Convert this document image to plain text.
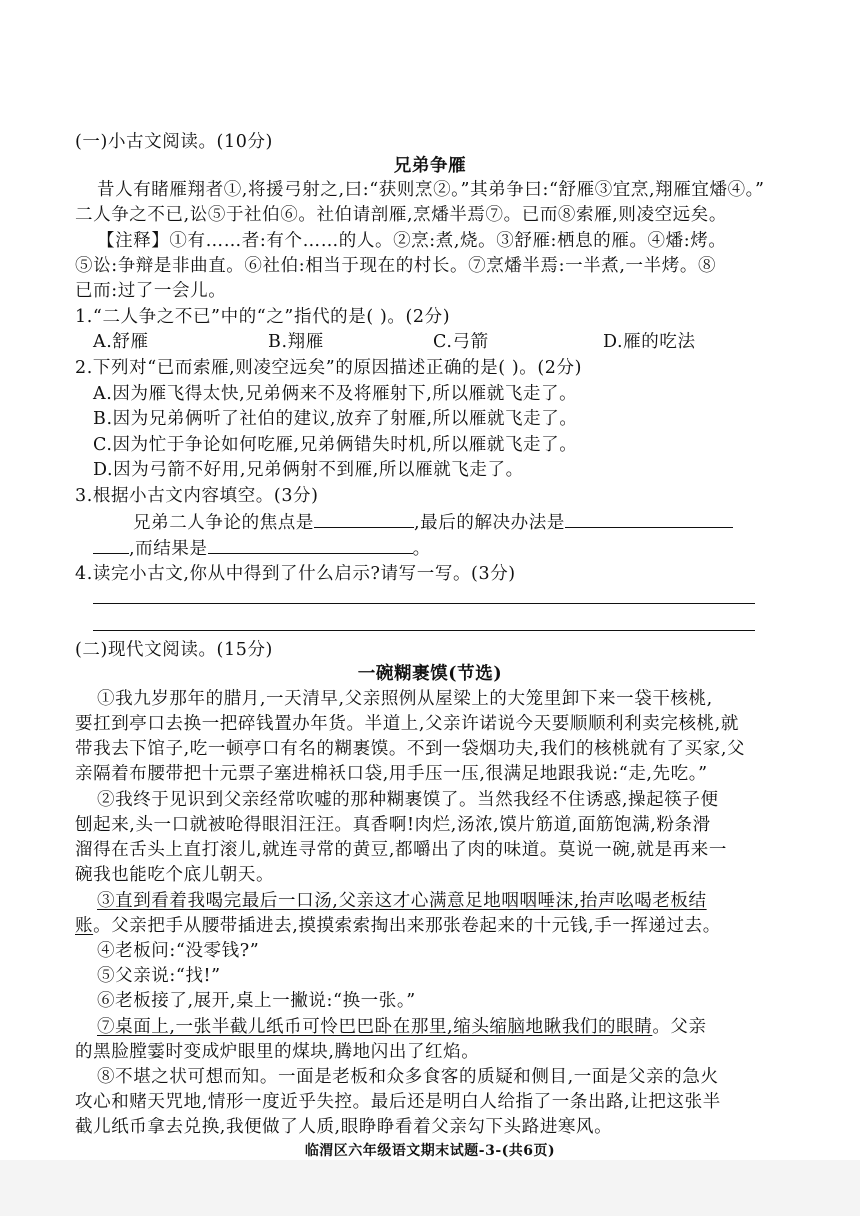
(一)小古文阅读。(10分)
兄弟争雁
昔人有睹雁翔者①,将援弓射之,曰:“获则烹②。”其弟争曰:“舒雁③宜烹,翔雁宜燔④。”
二人争之不已,讼⑤于社伯⑥。社伯请剖雁,烹燔半焉⑦。已而⑧索雁,则凌空远矣。
【注释】①有……者:有个……的人。②烹:煮,烧。③舒雁:栖息的雁。④燔:烤。
⑤讼:争辩是非曲直。⑥社伯:相当于现在的村长。⑦烹燔半焉:一半煮,一半烤。⑧
已而:过了一会儿。
1.“二人争之不已”中的“之”指代的是( )。(2分)
A.舒雁	B.翔雁	C.弓箭	D.雁的吃法
2.下列对“已而索雁,则凌空远矣”的原因描述正确的是( )。(2分)
A.因为雁飞得太快,兄弟俩来不及将雁射下,所以雁就飞走了。
B.因为兄弟俩听了社伯的建议,放弃了射雁,所以雁就飞走了。
C.因为忙于争论如何吃雁,兄弟俩错失时机,所以雁就飞走了。
D.因为弓箭不好用,兄弟俩射不到雁,所以雁就飞走了。
3.根据小古文内容填空。(3分)
兄弟二人争论的焦点是	,最后的解决办法是
,而结果是	。
4.读完小古文,你从中得到了什么启示?请写一写。(3分)
(二)现代文阅读。(15分)
一碗糊裹馍(节选)
①我九岁那年的腊月,一天清早,父亲照例从屋梁上的大笼里卸下来一袋干核桃,
要扛到亭口去换一把碎钱置办年货。半道上,父亲许诺说今天要顺顺利利卖完核桃,就
带我去下馆子,吃一顿亭口有名的糊裹馍。不到一袋烟功夫,我们的核桃就有了买家,父
亲隔着布腰带把十元票子塞进棉袄口袋,用手压一压,很满足地跟我说:“走,先吃。”
②我终于见识到父亲经常吹嘘的那种糊裹馍了。当然我经不住诱惑,操起筷子便
刨起来,头一口就被呛得眼泪汪汪。真香啊!肉烂,汤浓,馍片筋道,面筋饱满,粉条滑
溜得在舌头上直打滚儿,就连寻常的黄豆,都嚼出了肉的味道。莫说一碗,就是再来一
碗我也能吃个底儿朝天。
③直到看着我喝完最后一口汤,父亲这才心满意足地咽咽唾沫,抬声吆喝老板结
账。父亲把手从腰带插进去,摸摸索索掏出来那张卷起来的十元钱,手一挥递过去。
④老板问:“没零钱?”
⑤父亲说:“找!”
⑥老板接了,展开,桌上一撇说:“换一张。”
⑦桌面上,一张半截儿纸币可怜巴巴卧在那里,缩头缩脑地瞅我们的眼睛。父亲
的黑脸膛霎时变成炉眼里的煤块,腾地闪出了红焰。
⑧不堪之状可想而知。一面是老板和众多食客的质疑和侧目,一面是父亲的急火
攻心和赌天咒地,情形一度近乎失控。最后还是明白人给指了一条出路,让把这张半
截儿纸币拿去兑换,我便做了人质,眼睁睁看着父亲勾下头路进寒风。
临渭区六年级语文期末试题-3-(共6页)
